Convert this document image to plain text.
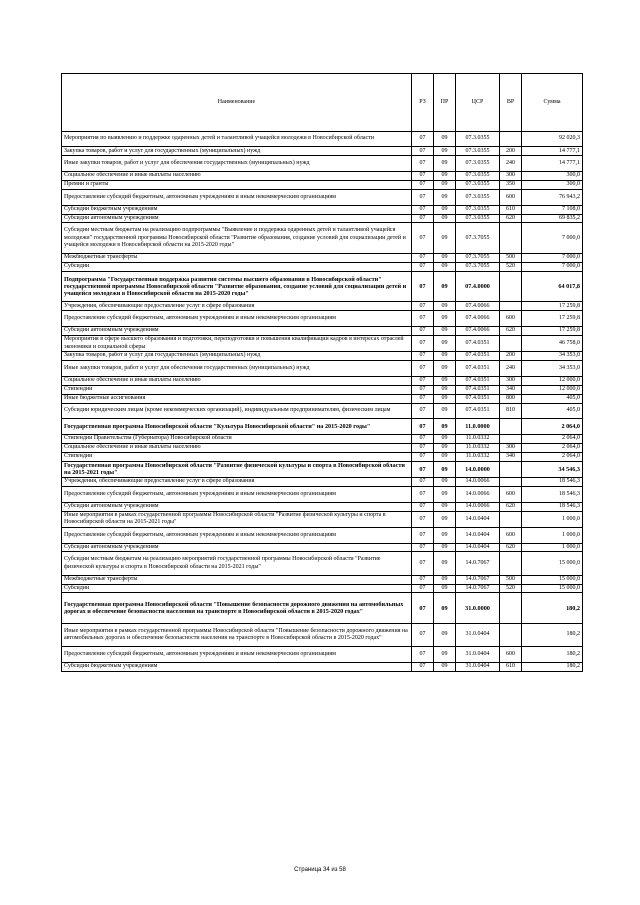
Наименование	РЗ	ПР	ЦСР	ВР	Сумма
Мероприятия по выявлению и поддержке одаренных детей и талантливой учащейся молодежи в Новосибирской области	07	09	07.3.0355		92 020,3
Закупка товаров, работ и услуг для государственных (муниципальных) нужд	07	09	07.3.0355	200	14 777,1
Иные закупки товаров, работ и услуг для обеспечения государственных (муниципальных) нужд	07	09	07.3.0355	240	14 777,1
Социальное обеспечение и иные выплаты населению	07	09	07.3.0355	300	300,0
Премии и гранты	07	09	07.3.0355	350	300,0
Предоставление субсидий бюджетным, автономным учреждениям и иным некоммерческим организациям	07	09	07.3.0355	600	76 943,2
Субсидии бюджетным учреждениям	07	09	07.3.0355	610	7 108,0
Субсидии автономным учреждениям	07	09	07.3.0355	620	69 835,2
Субсидии местным бюджетам на реализацию подпрограммы "Выявление и поддержка одаренных детей и талантливой учащейся молодежи" государственной программы Новосибирской области "Развитие образования, создание условий для социализации детей и учащейся молодежи в Новосибирской области на 2015-2020 годы"	07	09	07.3.7055		7 000,0
Межбюджетные трансферты	07	09	07.3.7055	500	7 000,0
Субсидии	07	09	07.3.7055	520	7 000,0
Подпрограмма "Государственная поддержка развития системы высшего образования в Новосибирской области" государственной программы Новосибирской области "Развитие образования, создание условий для социализации детей и учащейся молодежи в Новосибирской области на 2015-2020 годы"	07	09	07.4.0000		64 017,8
Учреждения, обеспечивающие предоставление услуг в сфере образования	07	09	07.4.0066		17 259,8
Предоставление субсидий бюджетным, автономным учреждениям и иным некоммерческим организациям	07	09	07.4.0066	600	17 259,8
Субсидии автономным учреждениям	07	09	07.4.0066	620	17 259,8
Мероприятия в сфере высшего образования и подготовки, переподготовки и повышения квалификации кадров в интересах отраслей экономики и социальной сферы	07	09	07.4.0351		46 758,0
Закупка товаров, работ и услуг для государственных (муниципальных) нужд	07	09	07.4.0351	200	34 353,0
Иные закупки товаров, работ и услуг для обеспечения государственных (муниципальных) нужд	07	09	07.4.0351	240	34 353,0
Социальное обеспечение и иные выплаты населению	07	09	07.4.0351	300	12 000,0
Стипендии	07	09	07.4.0351	340	12 000,0
Иные бюджетные ассигнования	07	09	07.4.0351	800	405,0
Субсидии юридическим лицам (кроме некоммерческих организаций), индивидуальным предпринимателям, физическим лицам	07	09	07.4.0351	810	405,0
Государственная программа Новосибирской области "Культура Новосибирской области" на 2015-2020 годы"	07	09	11.0.0000		2 064,0
Стипендии Правительства (Губернатора) Новосибирской области	07	09	11.0.0332		2 064,0
Социальное обеспечение и иные выплаты населению	07	09	11.0.0332	300	2 064,0
Стипендии	07	09	11.0.0332	340	2 064,0
Государственная программа Новосибирской области "Развитие физической культуры и спорта в Новосибирской области на 2015-2021 годы"	07	09	14.0.0000		34 546,3
Учреждения, обеспечивающие предоставление услуг в сфере образования	07	09	14.0.0066		18 546,3
Предоставление субсидий бюджетным, автономным учреждениям и иным некоммерческим организациям	07	09	14.0.0066	600	18 546,3
Субсидии автономным учреждениям	07	09	14.0.0066	620	18 546,3
Иные мероприятия в рамках государственной программы Новосибирской области "Развитие физической культуры и спорта в Новосибирской области на 2015-2021 годы"	07	09	14.0.0404		1 000,0
Предоставление субсидий бюджетным, автономным учреждениям и иным некоммерческим организациям	07	09	14.0.0404	600	1 000,0
Субсидии автономным учреждениям	07	09	14.0.0404	620	1 000,0
Субсидии местным бюджетам на реализацию мероприятий государственной программы Новосибирской области "Развитие физической культуры и спорта в Новосибирской области на 2015-2021 годы"	07	09	14.0.7067		15 000,0
Межбюджетные трансферты	07	09	14.0.7067	500	15 000,0
Субсидии	07	09	14.0.7067	520	15 000,0
Государственная программа Новосибирской области "Повышение безопасности дорожного движения на автомобильных дорогах и обеспечение безопасности населения на транспорте в Новосибирской области в 2015-2020 годах"	07	09	31.0.0000		180,2
Иные мероприятия в рамках государственной программы Новосибирской области "Повышение безопасности дорожного движения на автомобильных дорогах и обеспечение безопасности населения на транспорте в Новосибирской области в 2015-2020 годах"	07	09	31.0.0404		180,2
Предоставление субсидий бюджетным, автономным учреждениям и иным некоммерческим организациям	07	09	31.0.0404	600	180,2
Субсидии бюджетным учреждениям	07	09	31.0.0404	610	180,2
Страница 34 из 58
